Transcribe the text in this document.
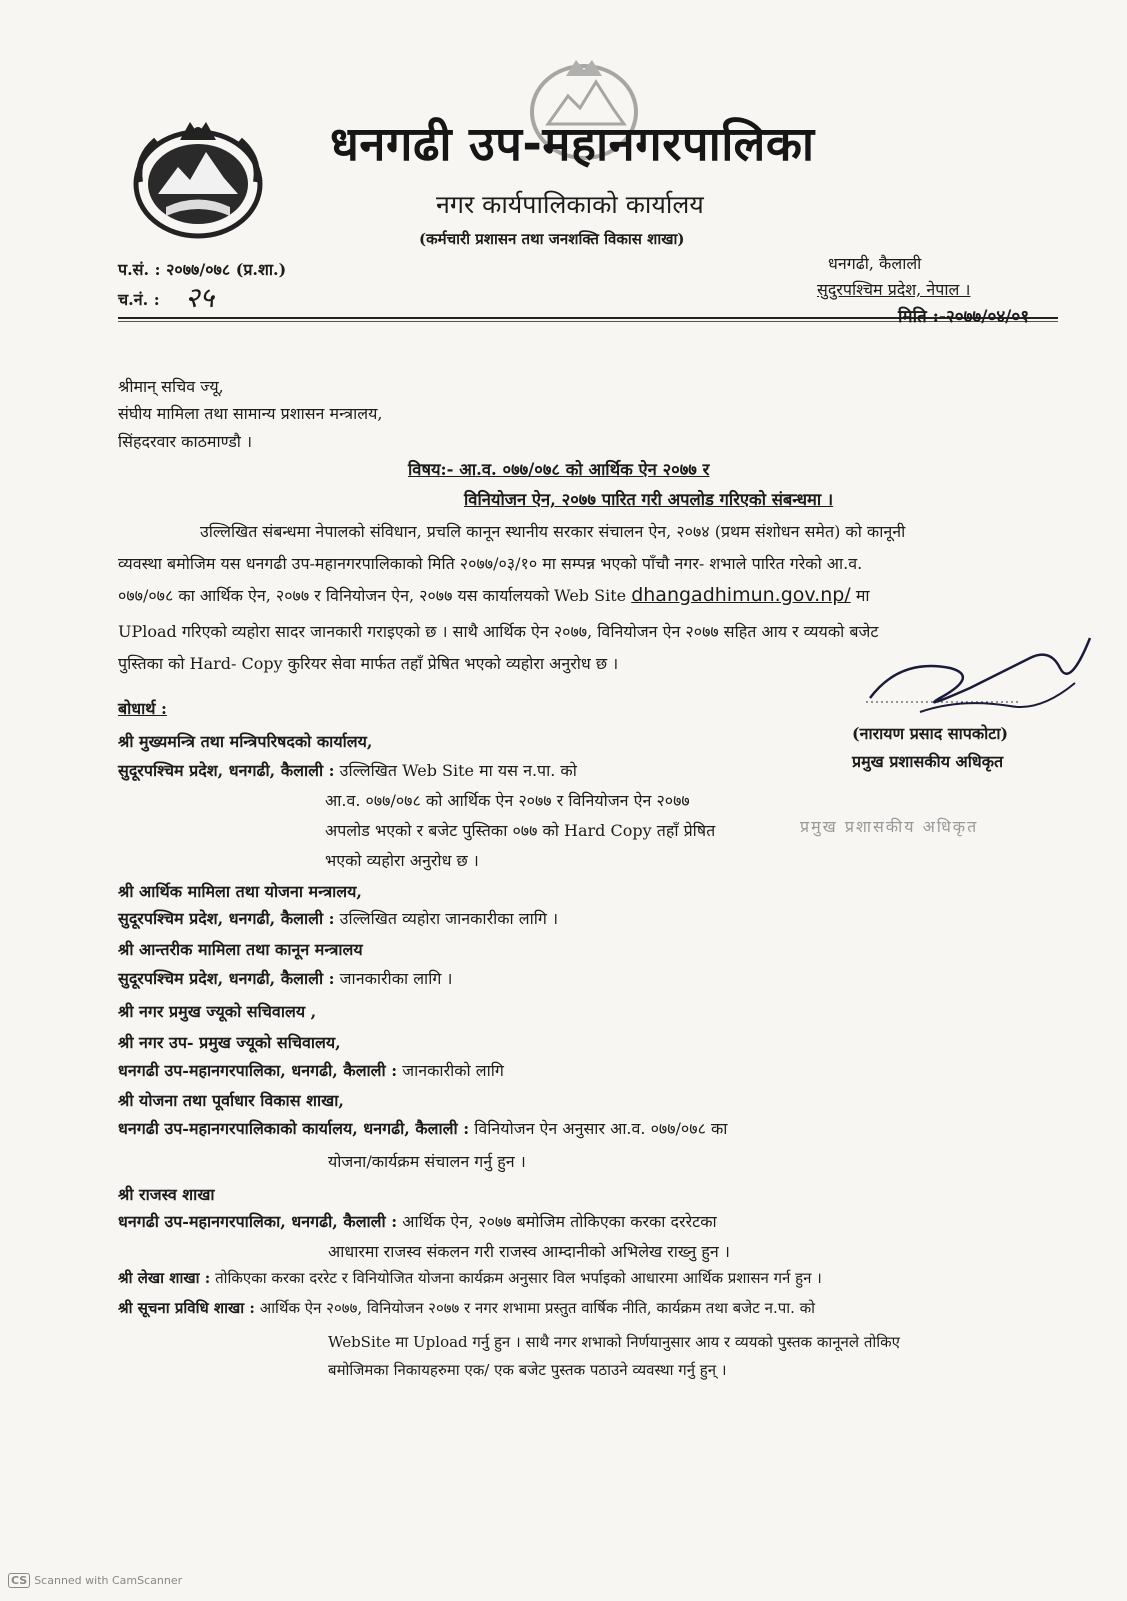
धनगढी उप-महानगरपालिका
नगर कार्यपालिकाको कार्यालय
(कर्मचारी प्रशासन तथा जनशक्ति विकास शाखा)
प.सं. : २०७७/०७८ (प्र.शा.)
च.नं. : २५
धनगढी, कैलाली
सुदुरपश्चिम प्रदेश, नेपाल ।
मिति :-२०७७/०४/०१
श्रीमान् सचिव ज्यू,
संघीय मामिला तथा सामान्य प्रशासन मन्त्रालय,
सिंहदरवार काठमाण्डौ ।
विषय:- आ.व. ०७७/०७८ को आर्थिक ऐन २०७७ र
विनियोजन ऐन, २०७७ पारित गरी अपलोड गरिएको संबन्धमा ।
उल्लिखित संबन्धमा नेपालको संविधान, प्रचलि कानून स्थानीय सरकार संचालन ऐन, २०७४ (प्रथम संशोधन समेत) को कानूनी
व्यवस्था बमोजिम यस धनगढी उप-महानगरपालिकाको मिति २०७७/०३/१० मा सम्पन्न भएको पाँचौ नगर- शभाले पारित गरेको आ.व.
०७७/०७८ का आर्थिक ऐन, २०७७ र विनियोजन ऐन, २०७७ यस कार्यालयको Web Site dhangadhimun.gov.np/ मा
UPload गरिएको व्यहोरा सादर जानकारी गराइएको छ । साथै आर्थिक ऐन २०७७, विनियोजन ऐन २०७७ सहित आय र व्ययको बजेट
पुस्तिका को Hard- Copy कुरियर सेवा मार्फत तहाँ प्रेषित भएको व्यहोरा अनुरोध छ ।
(नारायण प्रसाद सापकोटा)
प्रमुख प्रशासकीय अधिकृत
प्रमुख प्रशासकीय अधिकृत
बोधार्थ :
श्री मुख्यमन्त्रि तथा मन्त्रिपरिषदको कार्यालय,
सुदूरपश्चिम प्रदेश, धनगढी, कैलाली : उल्लिखित Web Site मा यस न.पा. को
आ.व. ०७७/०७८ को आर्थिक ऐन २०७७ र विनियोजन ऐन २०७७
अपलोड भएको र बजेट पुस्तिका ०७७ को Hard Copy तहाँ प्रेषित
भएको व्यहोरा अनुरोध छ ।
श्री आर्थिक मामिला तथा योजना मन्त्रालय,
सुदूरपश्चिम प्रदेश, धनगढी, कैलाली : उल्लिखित व्यहोरा जानकारीका लागि ।
श्री आन्तरीक मामिला तथा कानून मन्त्रालय
सुदूरपश्चिम प्रदेश, धनगढी, कैलाली : जानकारीका लागि ।
श्री नगर प्रमुख ज्यूको सचिवालय ,
श्री नगर उप- प्रमुख ज्यूको सचिवालय,
धनगढी उप-महानगरपालिका, धनगढी, कैलाली : जानकारीको लागि
श्री योजना तथा पूर्वाधार विकास शाखा,
धनगढी उप-महानगरपालिकाको कार्यालय, धनगढी, कैलाली : विनियोजन ऐन अनुसार आ.व. ०७७/०७८ का
योजना/कार्यक्रम संचालन गर्नु हुन ।
श्री राजस्व शाखा
धनगढी उप-महानगरपालिका, धनगढी, कैलाली : आर्थिक ऐन, २०७७ बमोजिम तोकिएका करका दररेटका
आधारमा राजस्व संकलन गरी राजस्व आम्दानीको अभिलेख राख्नु हुन ।
श्री लेखा शाखा : तोकिएका करका दररेट र विनियोजित योजना कार्यक्रम अनुसार विल भर्पाइको आधारमा आर्थिक प्रशासन गर्न हुन ।
श्री सूचना प्रविधि शाखा : आर्थिक ऐन २०७७, विनियोजन २०७७ र नगर शभामा प्रस्तुत वार्षिक नीति, कार्यक्रम तथा बजेट न.पा. को
WebSite मा Upload गर्नु हुन । साथै नगर शभाको निर्णयानुसार आय र व्ययको पुस्तक कानूनले तोकिए
बमोजिमका निकायहरुमा एक/ एक बजेट पुस्तक पठाउने व्यवस्था गर्नु हुन् ।
CS Scanned with CamScanner
